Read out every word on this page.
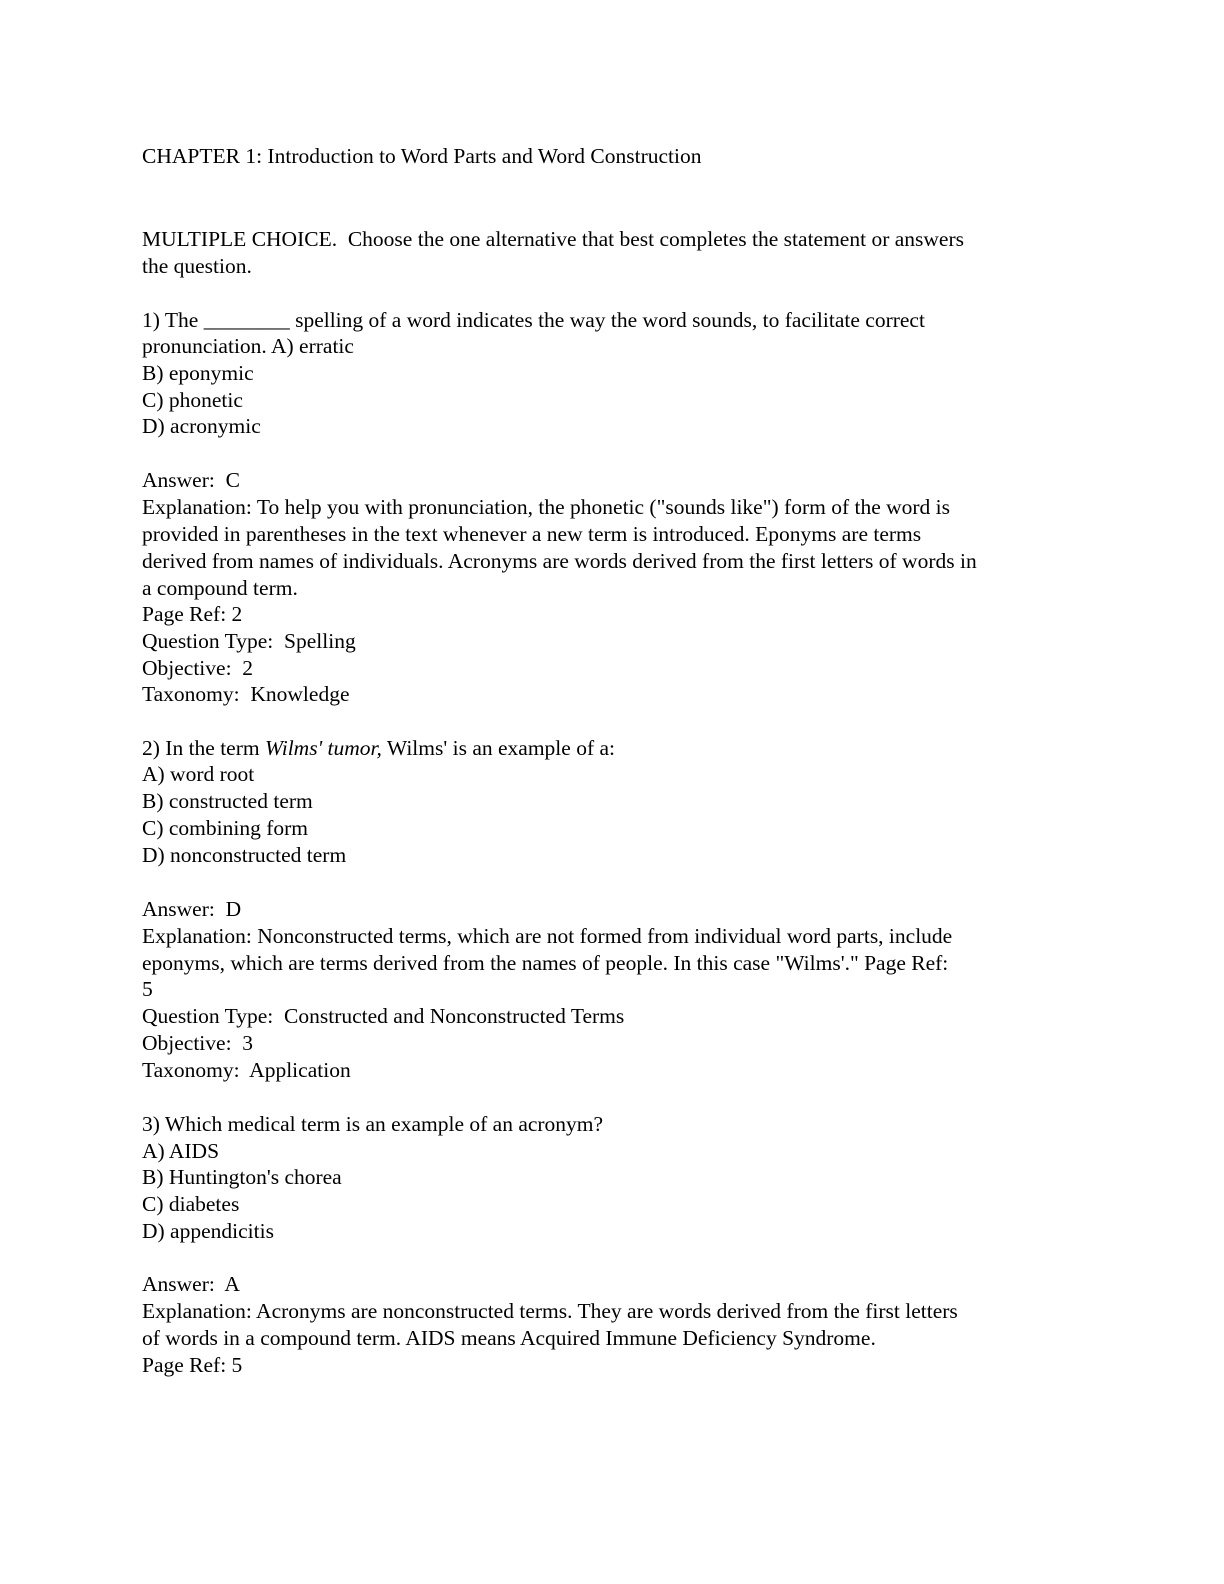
CHAPTER 1: Introduction to Word Parts and Word Construction
MULTIPLE CHOICE.  Choose the one alternative that best completes the statement or answers
the question.
1) The ________ spelling of a word indicates the way the word sounds, to facilitate correct
pronunciation. A) erratic
B) eponymic
C) phonetic
D) acronymic
Answer:  C
Explanation: To help you with pronunciation, the phonetic ("sounds like") form of the word is
provided in parentheses in the text whenever a new term is introduced. Eponyms are terms
derived from names of individuals. Acronyms are words derived from the first letters of words in
a compound term.
Page Ref: 2
Question Type:  Spelling
Objective:  2
Taxonomy:  Knowledge
2) In the term Wilms' tumor, Wilms' is an example of a:
A) word root
B) constructed term
C) combining form
D) nonconstructed term
Answer:  D
Explanation: Nonconstructed terms, which are not formed from individual word parts, include
eponyms, which are terms derived from the names of people. In this case "Wilms'." Page Ref:
5
Question Type:  Constructed and Nonconstructed Terms
Objective:  3
Taxonomy:  Application
3) Which medical term is an example of an acronym?
A) AIDS
B) Huntington's chorea
C) diabetes
D) appendicitis
Answer:  A
Explanation: Acronyms are nonconstructed terms. They are words derived from the first letters
of words in a compound term. AIDS means Acquired Immune Deficiency Syndrome.
Page Ref: 5
